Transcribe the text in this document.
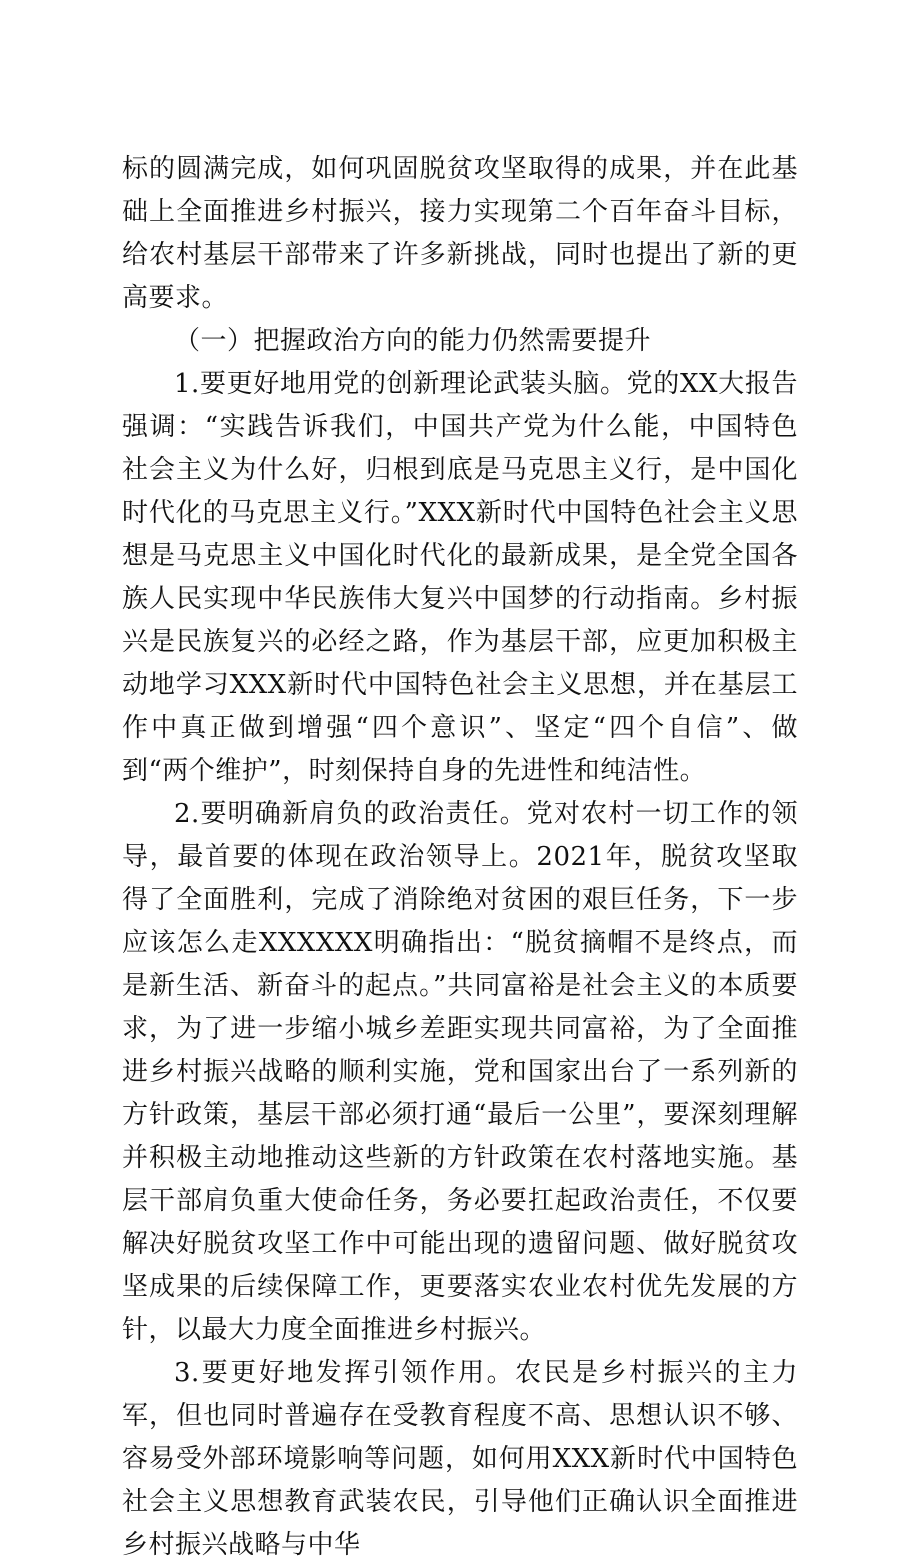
标的圆满完成，如何巩固脱贫攻坚取得的成果，并在此基础上全面推进乡村振兴，接力实现第二个百年奋斗目标，给农村基层干部带来了许多新挑战，同时也提出了新的更高要求。

（一）把握政治方向的能力仍然需要提升

1.要更好地用党的创新理论武装头脑。党的XX大报告强调：“实践告诉我们，中国共产党为什么能，中国特色社会主义为什么好，归根到底是马克思主义行，是中国化时代化的马克思主义行。”XXX新时代中国特色社会主义思想是马克思主义中国化时代化的最新成果，是全党全国各族人民实现中华民族伟大复兴中国梦的行动指南。乡村振兴是民族复兴的必经之路，作为基层干部，应更加积极主动地学习XXX新时代中国特色社会主义思想，并在基层工作中真正做到增强“四个意识”、坚定“四个自信”、做到“两个维护”，时刻保持自身的先进性和纯洁性。

2.要明确新肩负的政治责任。党对农村一切工作的领导，最首要的体现在政治领导上。2021年，脱贫攻坚取得了全面胜利，完成了消除绝对贫困的艰巨任务，下一步应该怎么走XXXXXX明确指出：“脱贫摘帽不是终点，而是新生活、新奋斗的起点。”共同富裕是社会主义的本质要求，为了进一步缩小城乡差距实现共同富裕，为了全面推进乡村振兴战略的顺利实施，党和国家出台了一系列新的方针政策，基层干部必须打通“最后一公里”，要深刻理解并积极主动地推动这些新的方针政策在农村落地实施。基层干部肩负重大使命任务，务必要扛起政治责任，不仅要解决好脱贫攻坚工作中可能出现的遗留问题、做好脱贫攻坚成果的后续保障工作，更要落实农业农村优先发展的方针，以最大力度全面推进乡村振兴。

3.要更好地发挥引领作用。农民是乡村振兴的主力军，但也同时普遍存在受教育程度不高、思想认识不够、容易受外部环境影响等问题，如何用XXX新时代中国特色社会主义思想教育武装农民，引导他们正确认识全面推进乡村振兴战略与中华
